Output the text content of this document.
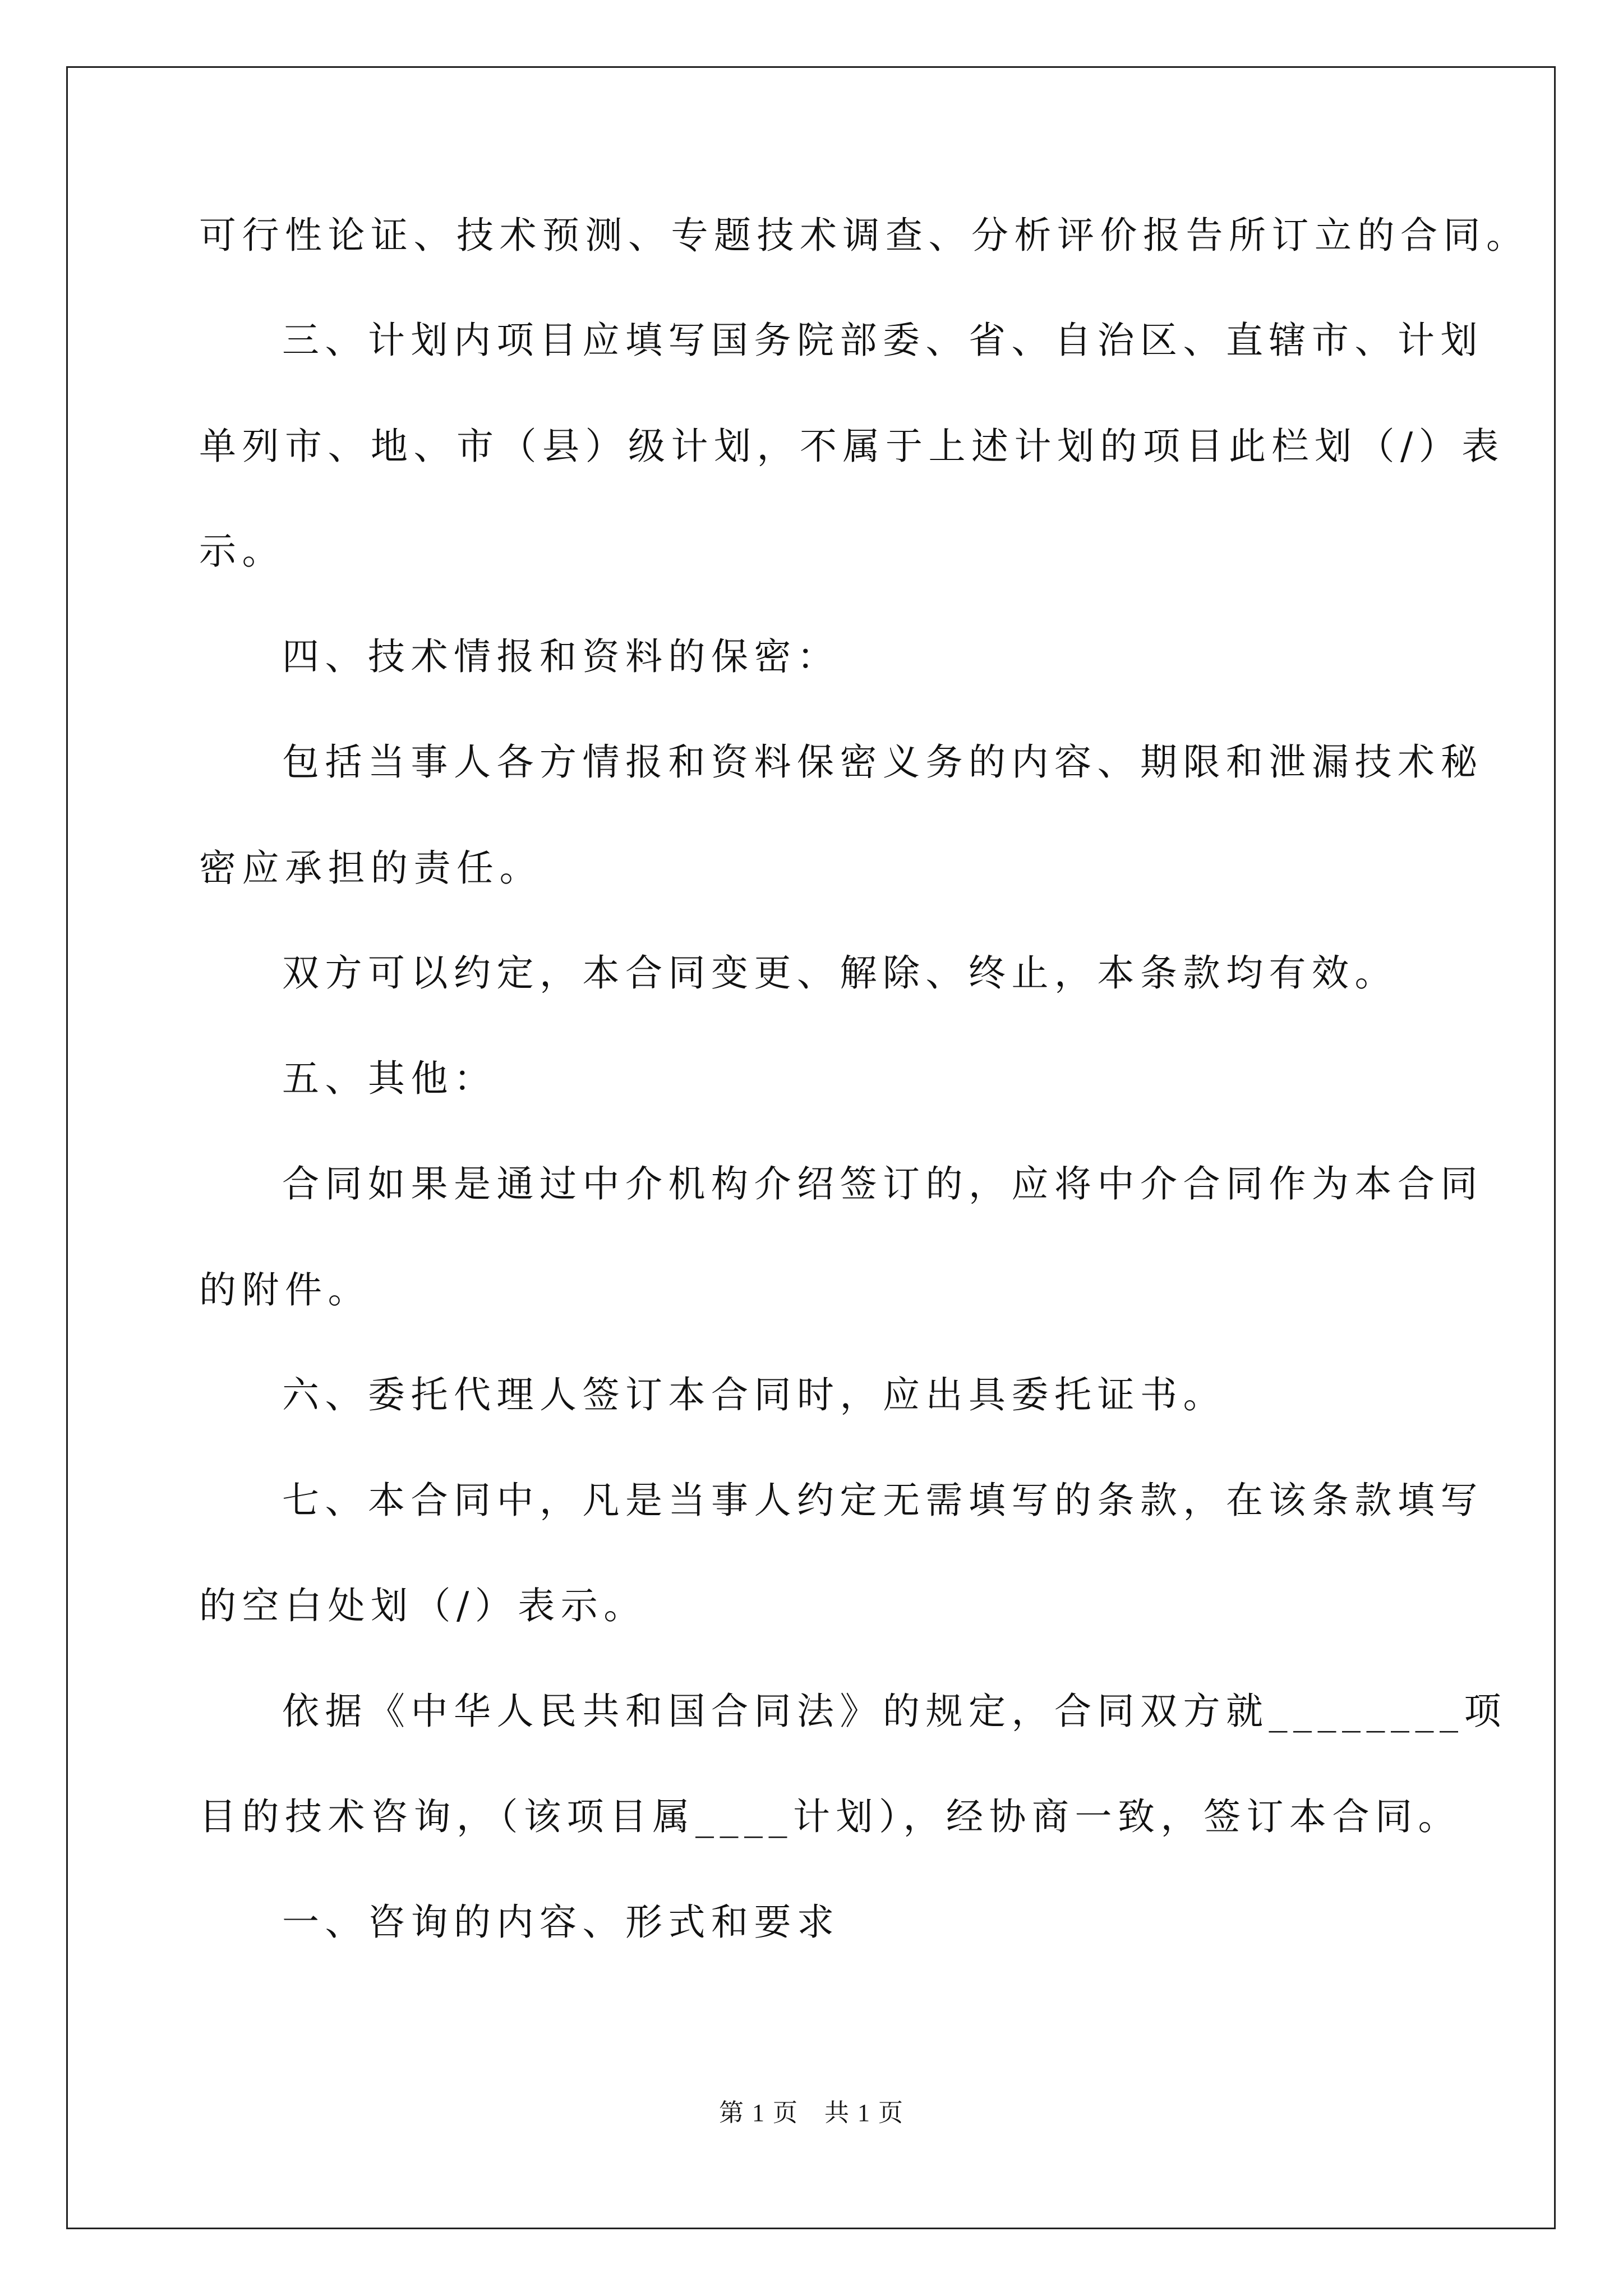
可行性论证、技术预测、专题技术调查、分析评价报告所订立的合同。
三、计划内项目应填写国务院部委、省、自治区、直辖市、计划
单列市、地、市（县）级计划，不属于上述计划的项目此栏划（/）表
示。
四、技术情报和资料的保密：
包括当事人各方情报和资料保密义务的内容、期限和泄漏技术秘
密应承担的责任。
双方可以约定，本合同变更、解除、终止，本条款均有效。
五、其他：
合同如果是通过中介机构介绍签订的，应将中介合同作为本合同
的附件。
六、委托代理人签订本合同时，应出具委托证书。
七、本合同中，凡是当事人约定无需填写的条款，在该条款填写
的空白处划（/）表示。
依据《中华人民共和国合同法》的规定，合同双方就________项
目的技术咨询，（该项目属____计划），经协商一致，签订本合同。
一、咨询的内容、形式和要求
第 1 页　共 1 页
